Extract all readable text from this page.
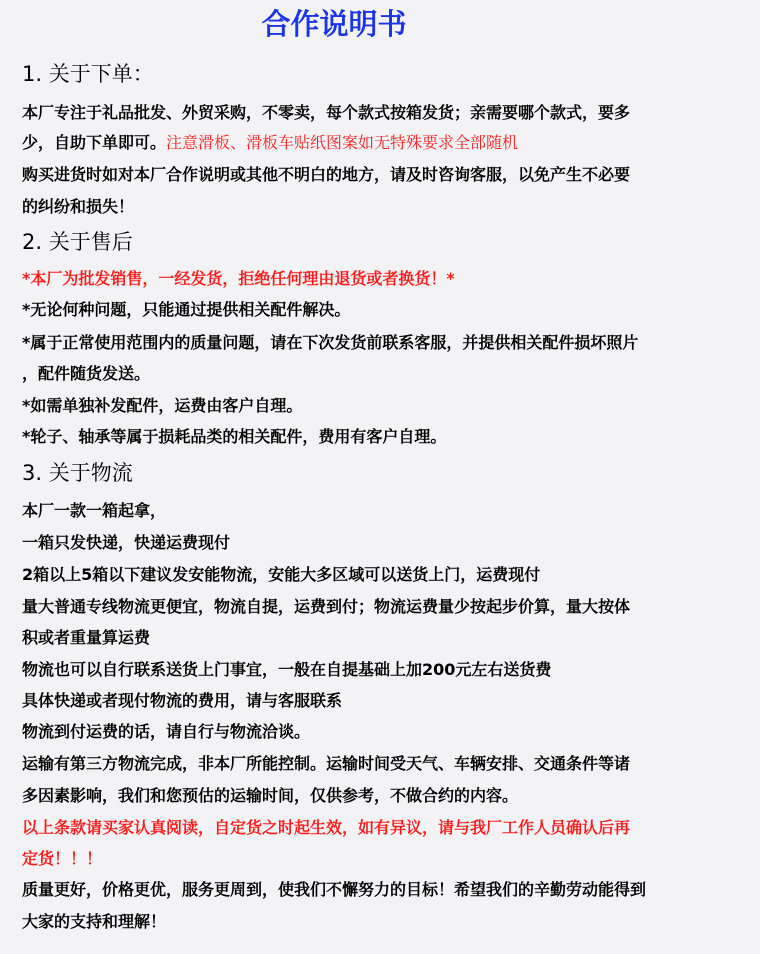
合作说明书
1. 关于下单：
本厂专注于礼品批发、外贸采购，不零卖，每个款式按箱发货；亲需要哪个款式，要多
少，自助下单即可。注意滑板、滑板车贴纸图案如无特殊要求全部随机
购买进货时如对本厂合作说明或其他不明白的地方，请及时咨询客服，以免产生不必要
的纠纷和损失！
2. 关于售后
*本厂为批发销售，一经发货，拒绝任何理由退货或者换货！*
*无论何种问题，只能通过提供相关配件解决。
*属于正常使用范围内的质量问题，请在下次发货前联系客服，并提供相关配件损坏照片
，配件随货发送。
*如需单独补发配件，运费由客户自理。
*轮子、轴承等属于损耗品类的相关配件，费用有客户自理。
3. 关于物流
本厂一款一箱起拿，
一箱只发快递，快递运费现付
2箱以上5箱以下建议发安能物流，安能大多区域可以送货上门，运费现付
量大普通专线物流更便宜，物流自提，运费到付；物流运费量少按起步价算，量大按体
积或者重量算运费
物流也可以自行联系送货上门事宜，一般在自提基础上加200元左右送货费
具体快递或者现付物流的费用，请与客服联系
物流到付运费的话，请自行与物流洽谈。
运输有第三方物流完成，非本厂所能控制。运输时间受天气、车辆安排、交通条件等诸
多因素影响，我们和您预估的运输时间，仅供参考，不做合约的内容。
以上条款请买家认真阅读，自定货之时起生效，如有异议，请与我厂工作人员确认后再
定货！！！
质量更好，价格更优，服务更周到，使我们不懈努力的目标！希望我们的辛勤劳动能得到
大家的支持和理解！
